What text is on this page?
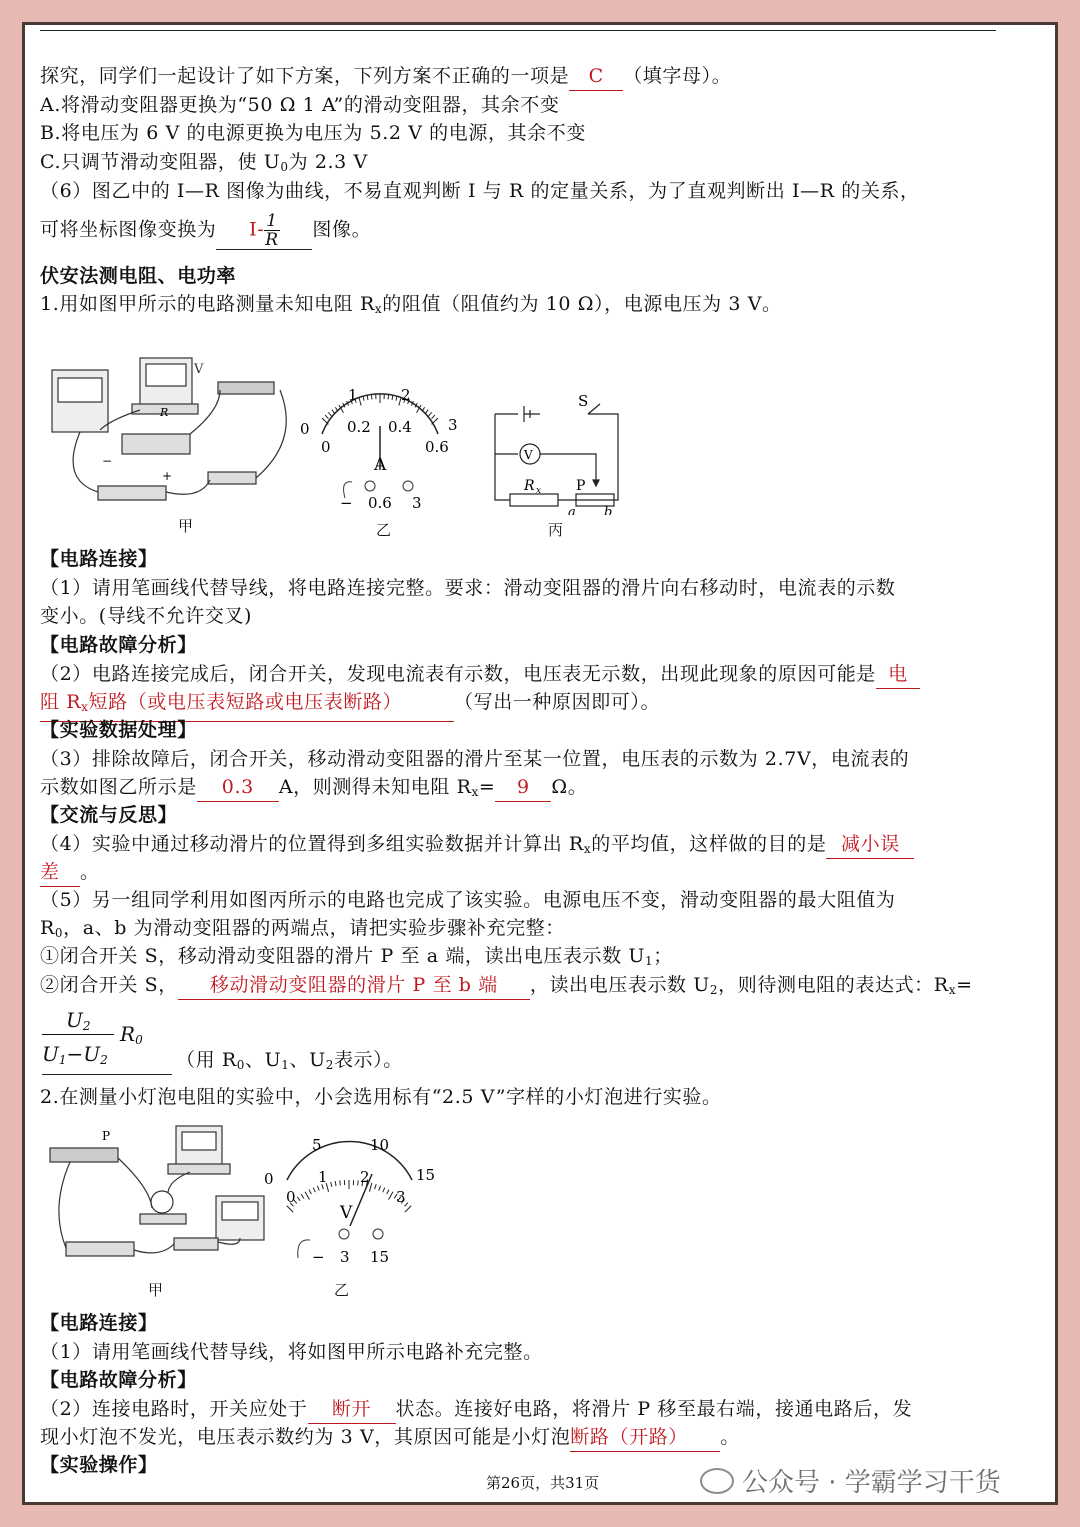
探究，同学们一起设计了如下方案，下列方案不正确的一项是 C （填字母）。
A.将滑动变阻器更换为“50 Ω 1 A”的滑动变阻器，其余不变
B.将电压为 6 V 的电源更换为电压为 5.2 V 的电源，其余不变
C.只调节滑动变阻器，使 $U_0$为 2.3 V
（6）图乙中的 I—R 图像为曲线，不易直观判断 I 与 R 的定量关系，为了直观判断出 I—R 的关系，
可将坐标图像变换为 $I- \frac{1}{R}$ 图像。
伏安法测电阻、电功率
1.用如图甲所示的电路测量未知电阻 $R_x$的阻值（阻值约为 10 Ω），电源电压为 3 V。
R
V
−
+
0
1	2
3
0
0.2 0.4
0.6
A
− 0.6 3
S
V
R x P
a b
甲	乙	丙
【电路连接】
（1）请用笔画线代替导线，将电路连接完整。要求：滑动变阻器的滑片向右移动时，电流表的示数
变小。(导线不允许交叉)
【电路故障分析】
（2）电路连接完成后，闭合开关，发现电流表有示数，电压表无示数，出现此现象的原因可能是 电
阻 $R_x$短路（或电压表短路或电压表断路）	（写出一种原因即可）。
【实验数据处理】
（3）排除故障后，闭合开关，移动滑动变阻器的滑片至某一位置，电压表的示数为 2.7V，电流表的
示数如图乙所示是 0.3 A，则测得未知电阻 $R_x= 9$ Ω。
【交流与反思】
（4）实验中通过移动滑片的位置得到多组实验数据并计算出 $R_x$的平均值，这样做的目的是 减小误
差 。
（5）另一组同学利用如图丙所示的电路也完成了该实验。电源电压不变，滑动变阻器的最大阻值为
$R_0$，a、b 为滑动变阻器的两端点，请把实验步骤补充完整：
①闭合开关 S，移动滑动变阻器的滑片 P 至 a 端，读出电压表示数 $U_1$；
②闭合开关 S， 移动滑动变阻器的滑片 P 至 b 端 ，读出电压表示数 $U_2$，则待测电阻的表达式：$R_x=$
$U_2$ $R_0$
$U_1-U_2$	（用 $R_0$、$U_1$、$U_2$表示）。
2.在测量小灯泡电阻的实验中，小会选用标有“2.5 V”字样的小灯泡进行实验。
P
0
5	10
15
0
1 2
3
V
− 3 15
甲	乙
【电路连接】
（1）请用笔画线代替导线，将如图甲所示电路补充完整。
【电路故障分析】
（2）连接电路时，开关应处于 断开 状态。连接好电路，将滑片 P 移至最右端，接通电路后，发
现小灯泡不发光，电压表示数约为 3 V，其原因可能是小灯泡断路（开路） 。
【实验操作】
第26页，共31页	公众号 · 学霸学习干货
